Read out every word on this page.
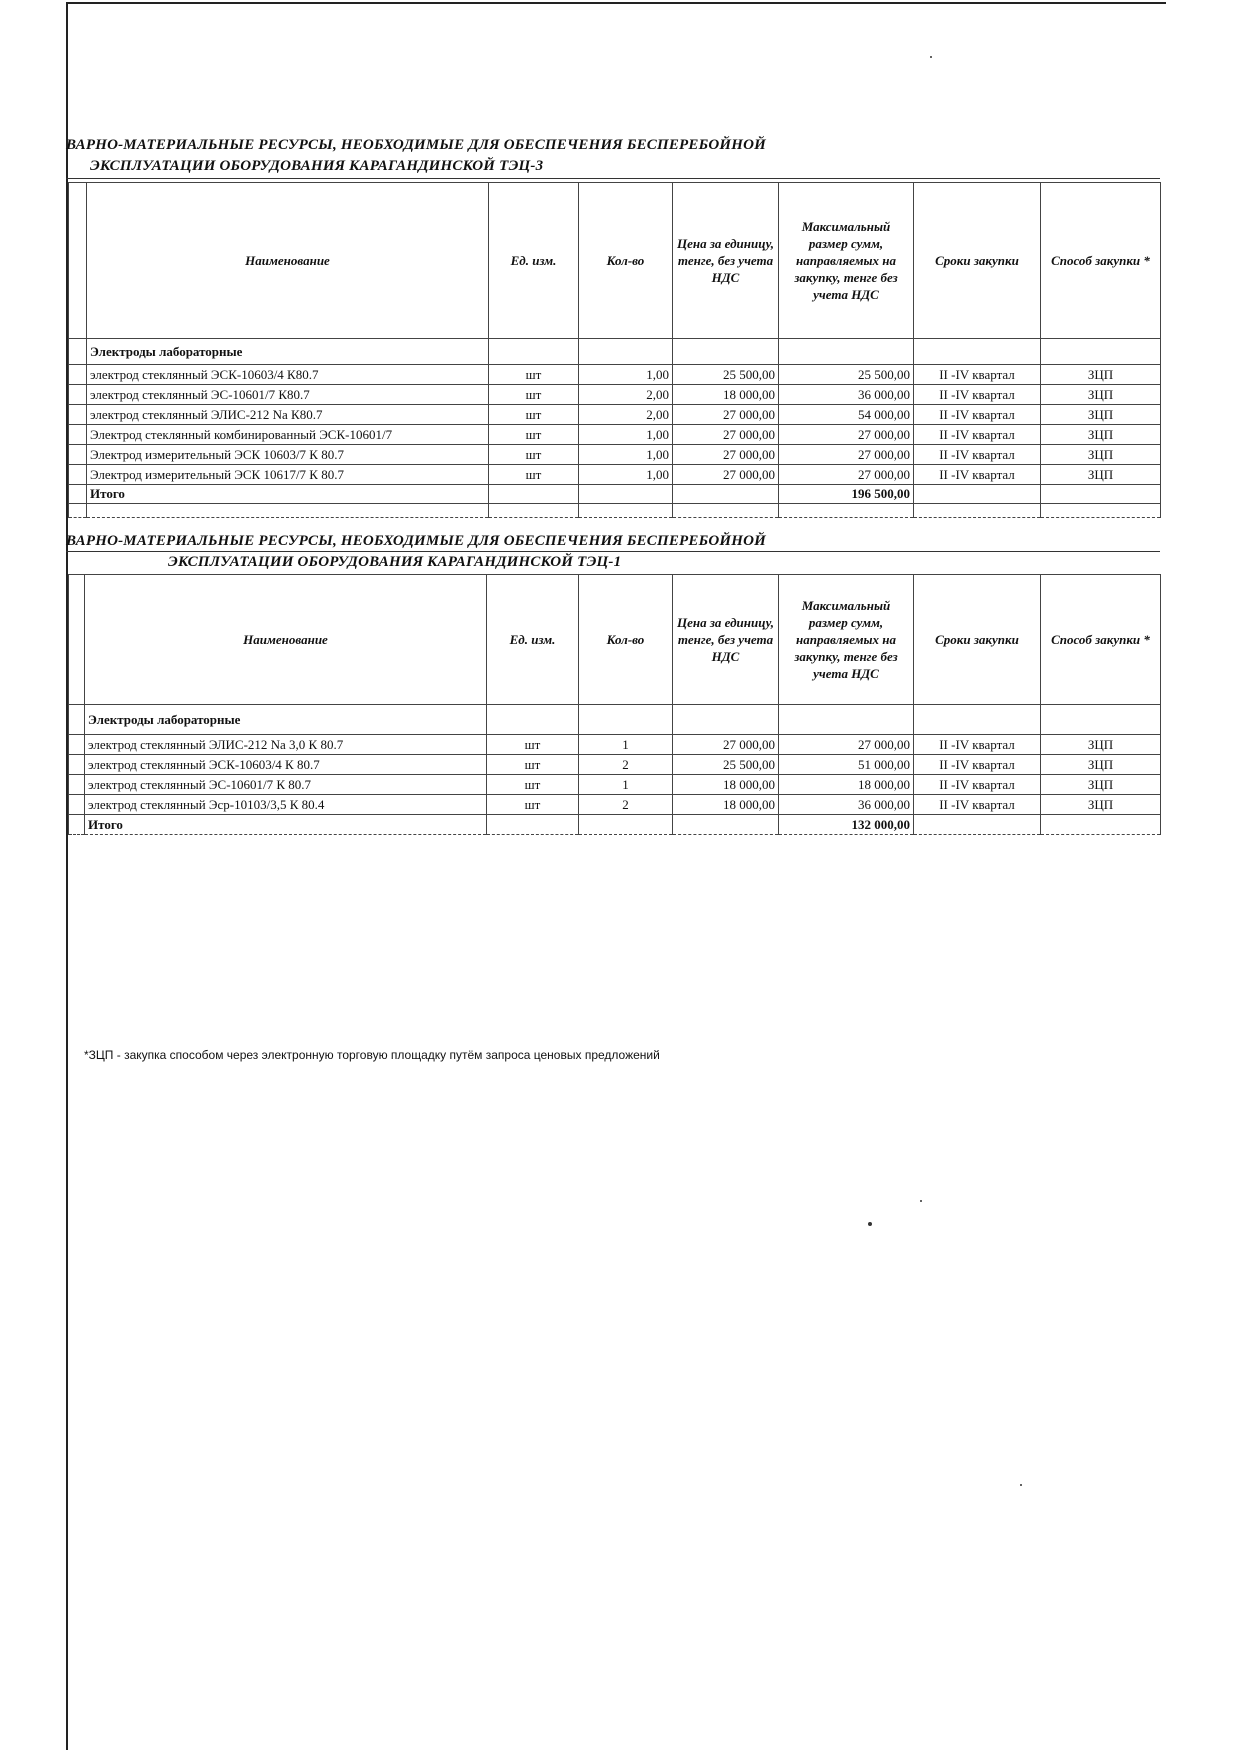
ВАРНО-МАТЕРИАЛЬНЫЕ РЕСУРСЫ, НЕОБХОДИМЫЕ ДЛЯ ОБЕСПЕЧЕНИЯ БЕСПЕРЕБОЙНОЙ
ЭКСПЛУАТАЦИИ ОБОРУДОВАНИЯ КАРАГАНДИНСКОЙ ТЭЦ-3
	Наименование	Ед. изм.	Кол-во	Цена за единицу, тенге, без учета НДС	Максимальный размер сумм, направляемых на закупку, тенге без учета НДС	Сроки закупки	Способ закупки *
	Электроды лабораторные						
	электрод стеклянный ЭСК-10603/4 К80.7	шт	1,00	25 500,00	25 500,00	II -IV квартал	ЗЦП
	электрод стеклянный ЭС-10601/7 К80.7	шт	2,00	18 000,00	36 000,00	II -IV квартал	ЗЦП
	электрод стеклянный ЭЛИС-212 Na К80.7	шт	2,00	27 000,00	54 000,00	II -IV квартал	ЗЦП
	Электрод стеклянный комбинированный ЭСК-10601/7	шт	1,00	27 000,00	27 000,00	II -IV квартал	ЗЦП
	Электрод измерительный ЭСК 10603/7 К 80.7	шт	1,00	27 000,00	27 000,00	II -IV квартал	ЗЦП
	Электрод измерительный ЭСК 10617/7 К 80.7	шт	1,00	27 000,00	27 000,00	II -IV квартал	ЗЦП
	Итого				196 500,00		

ВАРНО-МАТЕРИАЛЬНЫЕ РЕСУРСЫ, НЕОБХОДИМЫЕ ДЛЯ ОБЕСПЕЧЕНИЯ БЕСПЕРЕБОЙНОЙ
ЭКСПЛУАТАЦИИ ОБОРУДОВАНИЯ КАРАГАНДИНСКОЙ ТЭЦ-1
	Наименование	Ед. изм.	Кол-во	Цена за единицу, тенге, без учета НДС	Максимальный размер сумм, направляемых на закупку, тенге без учета НДС	Сроки закупки	Способ закупки *
	Электроды лабораторные						
	электрод стеклянный ЭЛИС-212 Na 3,0 К 80.7	шт	1	27 000,00	27 000,00	II -IV квартал	ЗЦП
	электрод стеклянный ЭСК-10603/4 К 80.7	шт	2	25 500,00	51 000,00	II -IV квартал	ЗЦП
	электрод стеклянный ЭС-10601/7 К 80.7	шт	1	18 000,00	18 000,00	II -IV квартал	ЗЦП
	электрод стеклянный Эср-10103/3,5 К 80.4	шт	2	18 000,00	36 000,00	II -IV квартал	ЗЦП
	Итого				132 000,00		
*ЗЦП - закупка способом через электронную торговую площадку путём запроса ценовых предложений
